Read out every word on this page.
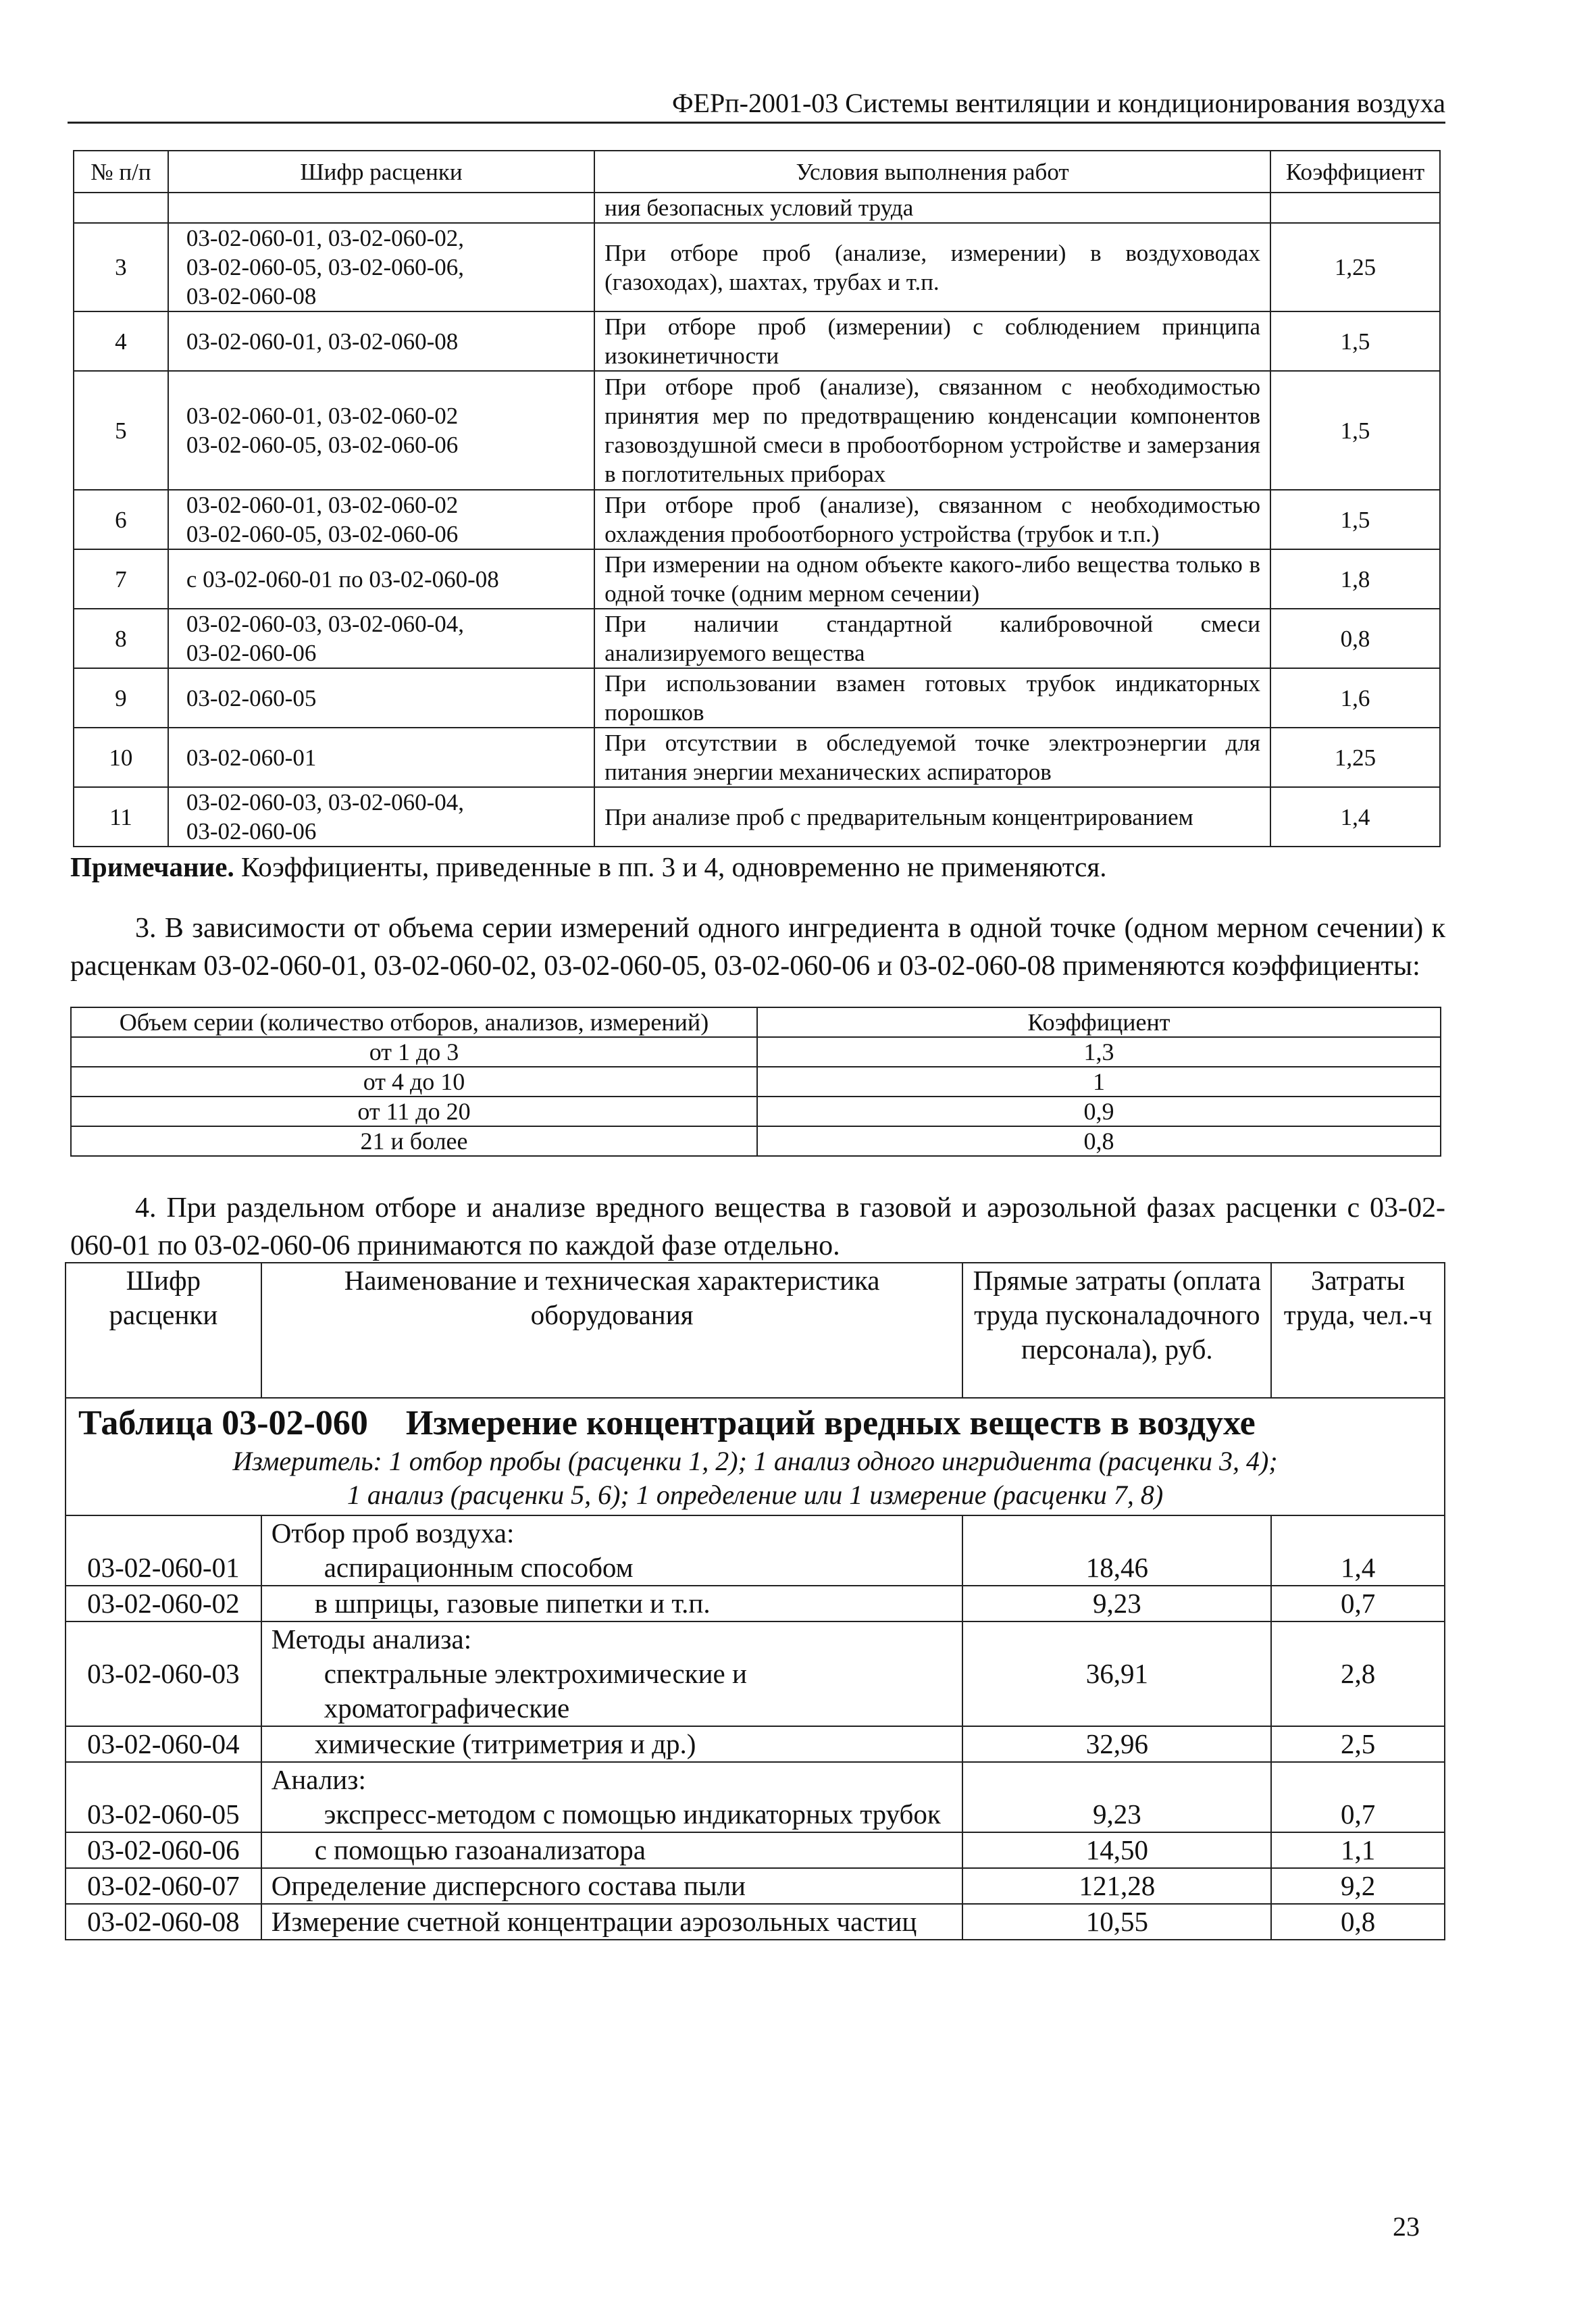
ФЕРп-2001-03 Системы вентиляции и кондиционирования воздуха
№ п/п	Шифр расценки	Условия выполнения работ	Коэффициент
		ния безопасных условий труда	
3	03-02-060-01, 03-02-060-02,
03-02-060-05, 03-02-060-06,
03-02-060-08	При отборе проб (анализе, измерении) в воздуховодах (газоходах), шахтах, трубах и т.п.	1,25
4	03-02-060-01, 03-02-060-08	При отборе проб (измерении) с соблюдением принципа изокинетичности	1,5
5	03-02-060-01, 03-02-060-02
03-02-060-05, 03-02-060-06	При отборе проб (анализе), связанном с необходимостью принятия мер по предотвращению конденсации компонентов газовоздушной смеси в пробоотборном устройстве и замерзания в поглотительных приборах	1,5
6	03-02-060-01, 03-02-060-02
03-02-060-05, 03-02-060-06	При отборе проб (анализе), связанном с необходимостью охлаждения пробоотборного устройства (трубок и т.п.)	1,5
7	с 03-02-060-01 по 03-02-060-08	При измерении на одном объекте какого-либо вещества только в одной точке (одним мерном сечении)	1,8
8	03-02-060-03, 03-02-060-04,
03-02-060-06	При наличии стандартной калибровочной смеси анализируемого вещества	0,8
9	03-02-060-05	При использовании взамен готовых трубок индикаторных порошков	1,6
10	03-02-060-01	При отсутствии в обследуемой точке электроэнергии для питания энергии механических аспираторов	1,25
11	03-02-060-03, 03-02-060-04,
03-02-060-06	При анализе проб с предварительным концентрированием	1,4
Примечание. Коэффициенты, приведенные в пп. 3 и 4, одновременно не применяются.
3. В зависимости от объема серии измерений одного ингредиента в одной точке (одном мерном сечении) к расценкам 03-02-060-01, 03-02-060-02, 03-02-060-05, 03-02-060-06 и 03-02-060-08 применяются коэффициенты:
Объем серии (количество отборов, анализов, измерений)	Коэффициент
от 1 до 3	1,3
от 4 до 10	1
от 11 до 20	0,9
21 и более	0,8
4. При раздельном отборе и анализе вредного вещества в газовой и аэрозольной фазах расценки с 03-02-060-01 по 03-02-060-06 принимаются по каждой фазе отдельно.
Шифр расценки	Наименование и техническая характеристика оборудования	Прямые затраты (оплата труда пусконаладочного персонала), руб.	Затраты труда, чел.-ч

Таблица 03-02-060 Измерение концентраций вредных веществ в воздухе
Измеритель: 1 отбор пробы (расценки 1, 2); 1 анализ одного ингридиента (расценки 3, 4);
1 анализ (расценки 5, 6); 1 определение или 1 измерение (расценки 7, 8)			

03-02-060-01	Отбор проб воздуха:
аспирационным способом	18,46	1,4
03-02-060-02	в шприцы, газовые пипетки и т.п.	9,23	0,7
03-02-060-03	Методы анализа:
спектральные электрохимические и хроматографические	36,91	2,8
03-02-060-04	химические (титриметрия и др.)	32,96	2,5
03-02-060-05	Анализ:
экспресс-методом с помощью индикаторных трубок	9,23	0,7
03-02-060-06	с помощью газоанализатора	14,50	1,1
03-02-060-07	Определение дисперсного состава пыли	121,28	9,2
03-02-060-08	Измерение счетной концентрации аэрозольных частиц	10,55	0,8
23
